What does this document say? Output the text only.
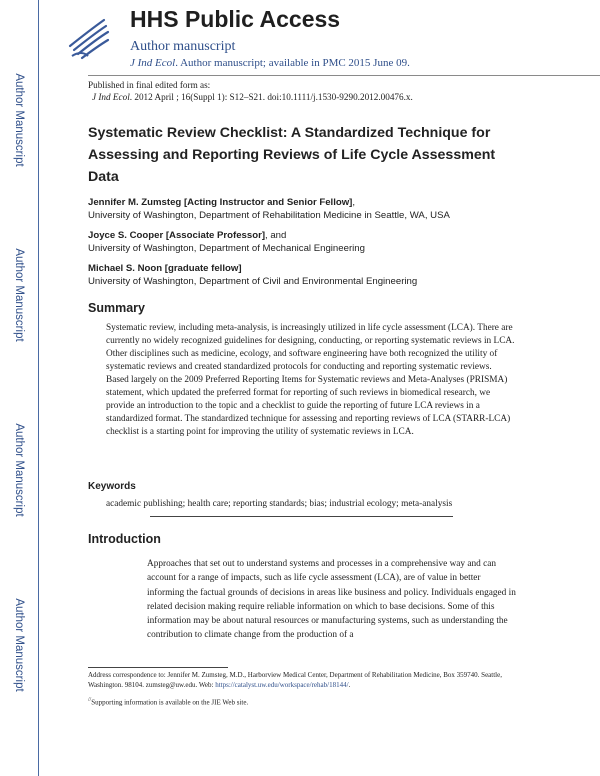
Author Manuscript
Author Manuscript
Author Manuscript
Author Manuscript
HHS Public Access
Author manuscript
J Ind Ecol. Author manuscript; available in PMC 2015 June 09.
Published in final edited form as:
J Ind Ecol. 2012 April ; 16(Suppl 1): S12–S21. doi:10.1111/j.1530-9290.2012.00476.x.
Systematic Review Checklist: A Standardized Technique for Assessing and Reporting Reviews of Life Cycle Assessment Data
Jennifer M. Zumsteg [Acting Instructor and Senior Fellow],
University of Washington, Department of Rehabilitation Medicine in Seattle, WA, USA
Joyce S. Cooper [Associate Professor], and
University of Washington, Department of Mechanical Engineering
Michael S. Noon [graduate fellow]
University of Washington, Department of Civil and Environmental Engineering
Summary
Systematic review, including meta-analysis, is increasingly utilized in life cycle assessment (LCA). There are currently no widely recognized guidelines for designing, conducting, or reporting systematic reviews in LCA. Other disciplines such as medicine, ecology, and software engineering have both recognized the utility of systematic reviews and created standardized protocols for conducting and reporting systematic reviews. Based largely on the 2009 Preferred Reporting Items for Systematic reviews and Meta-Analyses (PRISMA) statement, which updated the preferred format for reporting of such reviews in biomedical research, we provide an introduction to the topic and a checklist to guide the reporting of future LCA reviews in a standardized format. The standardized technique for assessing and reporting reviews of LCA (STARR-LCA) checklist is a starting point for improving the utility of systematic reviews in LCA.
Keywords
academic publishing; health care; reporting standards; bias; industrial ecology; meta-analysis
Introduction
Approaches that set out to understand systems and processes in a comprehensive way and can account for a range of impacts, such as life cycle assessment (LCA), are of value in better informing the factual grounds of decisions in areas like business and policy. Individuals engaged in related decision making require reliable information on which to base decisions. Some of this information may be about natural resources or manufacturing systems, such as understanding the contribution to climate change from the production of a
Address correspondence to: Jennifer M. Zumsteg, M.D., Harborview Medical Center, Department of Rehabilitation Medicine, Box 359740. Seattle, Washington. 98104. zumsteg@uw.edu. Web: https://catalyst.uw.edu/workspace/rehab/18144/.
//Supporting information is available on the JIE Web site.
